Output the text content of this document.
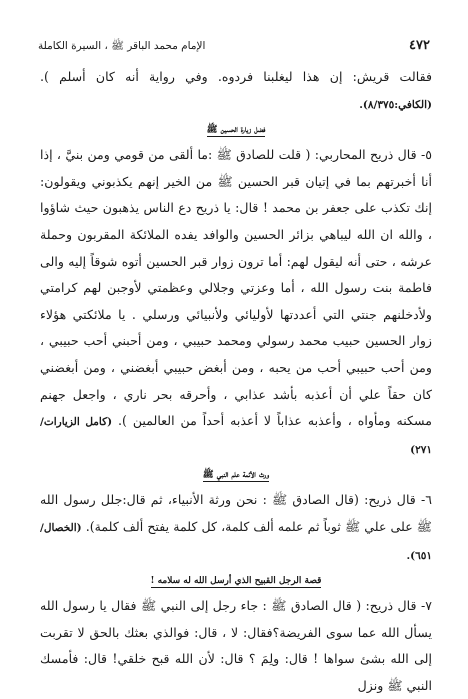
٤٧٢
الإمام محمد الباقر ﷺ ، السيرة الكاملة

فقالت قريش: إن هذا ليغلبنا فردوه. وفي رواية أنه كان أسلم ). (الكافي:٨/٣٧٥).

فضل زيارة الحسين ﷺ

٥- قال ذريح المحاربي: ( قلت للصادق ﷺ :ما ألقى من قومي ومن بنيَّ ، إذا أنا أخبرتهم بما في إتيان قبر الحسين ﷺ من الخير إنهم يكذبوني ويقولون: إنك تكذب على جعفر بن محمد ! قال: يا ذريح دع الناس يذهبون حيث شاؤوا ، والله ان الله ليباهي بزائر الحسين والوافد يفده الملائكة المقربون وحملة عرشه ، حتى أنه ليقول لهم: أما ترون زوار قبر الحسين أتوه شوقاً إليه والى فاطمة بنت رسول الله ، أما وعزتي وجلالي وعظمتي لأوجبن لهم كرامتي ولأدخلنهم جنتي التي أعددتها لأوليائي ولأنبيائي ورسلي . يا ملائكتي هؤلاء زوار الحسين حبيب محمد رسولي ومحمد حبيبي ، ومن أحبني أحب حبيبي ، ومن أحب حبيبي أحب من يحبه ، ومن أبغض حبيبي أبغضني ، ومن أبغضني كان حقاً علي أن أعذبه بأشد عذابي ، وأحرقه بحر ناري ، واجعل جهنم مسكنه ومأواه ، وأعذبه عذاباً لا أعذبه أحداً من العالمين ). (كامل الزيارات/ ٢٧١)

ورث الأئمة علم النبي ﷺ

٦- قال ذريح: (قال الصادق ﷺ : نحن ورثة الأنبياء، ثم قال:جلل رسول الله ﷺ على علي ﷺ ثوباً ثم علمه ألف كلمة، كل كلمة يفتح ألف كلمة). (الخصال/ ٦٥١).

قصة الرجل القبيح الذي أرسل الله له سلامه !

٧- قال ذريح: ( قال الصادق ﷺ : جاء رجل إلى النبي ﷺ فقال يا رسول الله يسأل الله عما سوى الفريضة؟فقال: لا ، قال: فوالذي بعثك بالحق لا تقربت إلى الله بشئ سواها ! قال: ولِمَ ؟ قال: لأن الله قبح خلقي! قال: فأمسك النبي ﷺ ونزل
